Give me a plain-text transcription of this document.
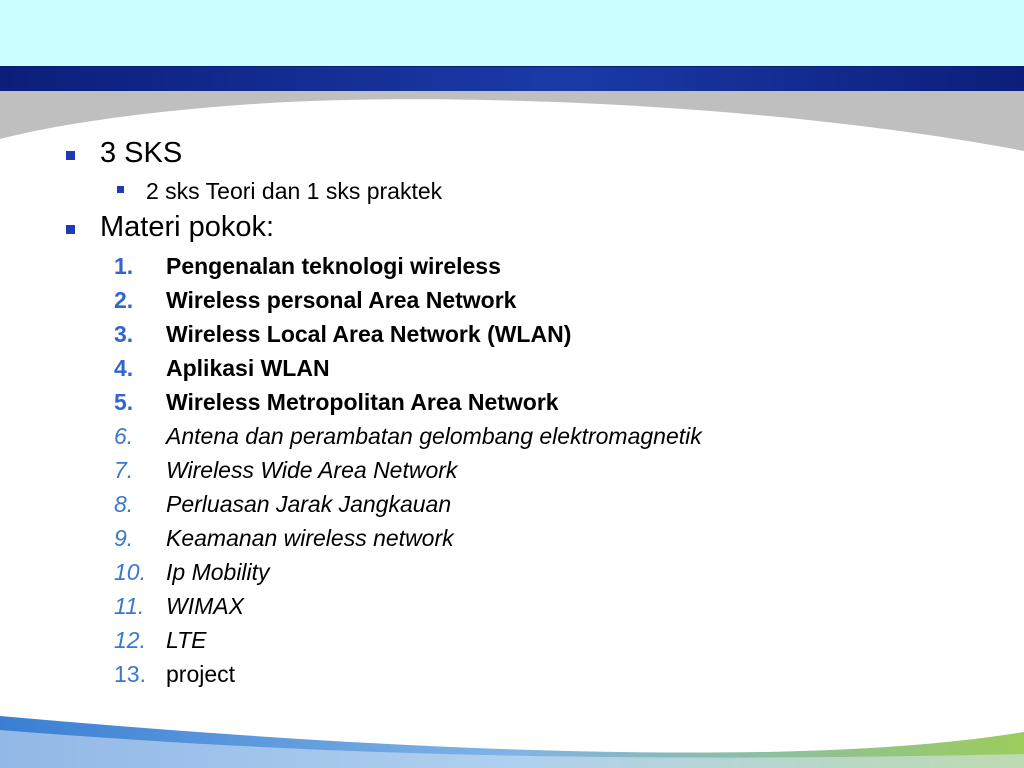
3 SKS
2 sks Teori dan 1 sks praktek
Materi pokok:
1. Pengenalan teknologi wireless
2. Wireless personal Area Network
3. Wireless Local Area Network (WLAN)
4. Aplikasi WLAN
5. Wireless Metropolitan Area Network
6. Antena dan perambatan gelombang elektromagnetik
7. Wireless Wide Area Network
8. Perluasan Jarak Jangkauan
9. Keamanan wireless network
10. Ip Mobility
11. WIMAX
12. LTE
13. project
